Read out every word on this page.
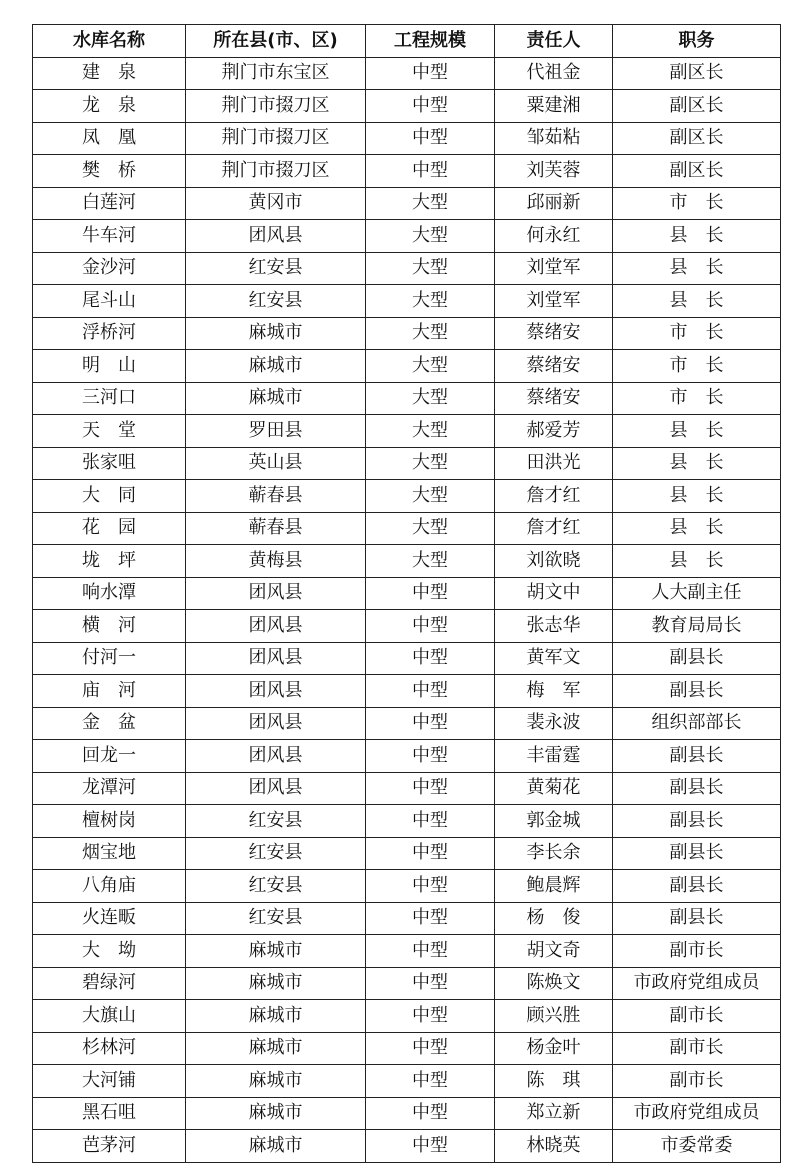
水库名称	所在县(市、区)	工程规模	责任人	职务
建　泉	荆门市东宝区	中型	代祖金	副区长
龙　泉	荆门市掇刀区	中型	粟建湘	副区长
凤　凰	荆门市掇刀区	中型	邹茹粘	副区长
樊　桥	荆门市掇刀区	中型	刘芙蓉	副区长
白莲河	黄冈市	大型	邱丽新	市　长
牛车河	团风县	大型	何永红	县　长
金沙河	红安县	大型	刘堂军	县　长
尾斗山	红安县	大型	刘堂军	县　长
浮桥河	麻城市	大型	蔡绪安	市　长
明　山	麻城市	大型	蔡绪安	市　长
三河口	麻城市	大型	蔡绪安	市　长
天　堂	罗田县	大型	郝爱芳	县　长
张家咀	英山县	大型	田洪光	县　长
大　同	蕲春县	大型	詹才红	县　长
花　园	蕲春县	大型	詹才红	县　长
垅　坪	黄梅县	大型	刘欲晓	县　长
响水潭	团风县	中型	胡文中	人大副主任
横　河	团风县	中型	张志华	教育局局长
付河一	团风县	中型	黄军文	副县长
庙　河	团风县	中型	梅　军	副县长
金　盆	团风县	中型	裴永波	组织部部长
回龙一	团风县	中型	丰雷霆	副县长
龙潭河	团风县	中型	黄菊花	副县长
檀树岗	红安县	中型	郭金城	副县长
烟宝地	红安县	中型	李长余	副县长
八角庙	红安县	中型	鲍晨辉	副县长
火连畈	红安县	中型	杨　俊	副县长
大　坳	麻城市	中型	胡文奇	副市长
碧绿河	麻城市	中型	陈焕文	市政府党组成员
大旗山	麻城市	中型	顾兴胜	副市长
杉林河	麻城市	中型	杨金叶	副市长
大河铺	麻城市	中型	陈　琪	副市长
黑石咀	麻城市	中型	郑立新	市政府党组成员
芭茅河	麻城市	中型	林晓英	市委常委
